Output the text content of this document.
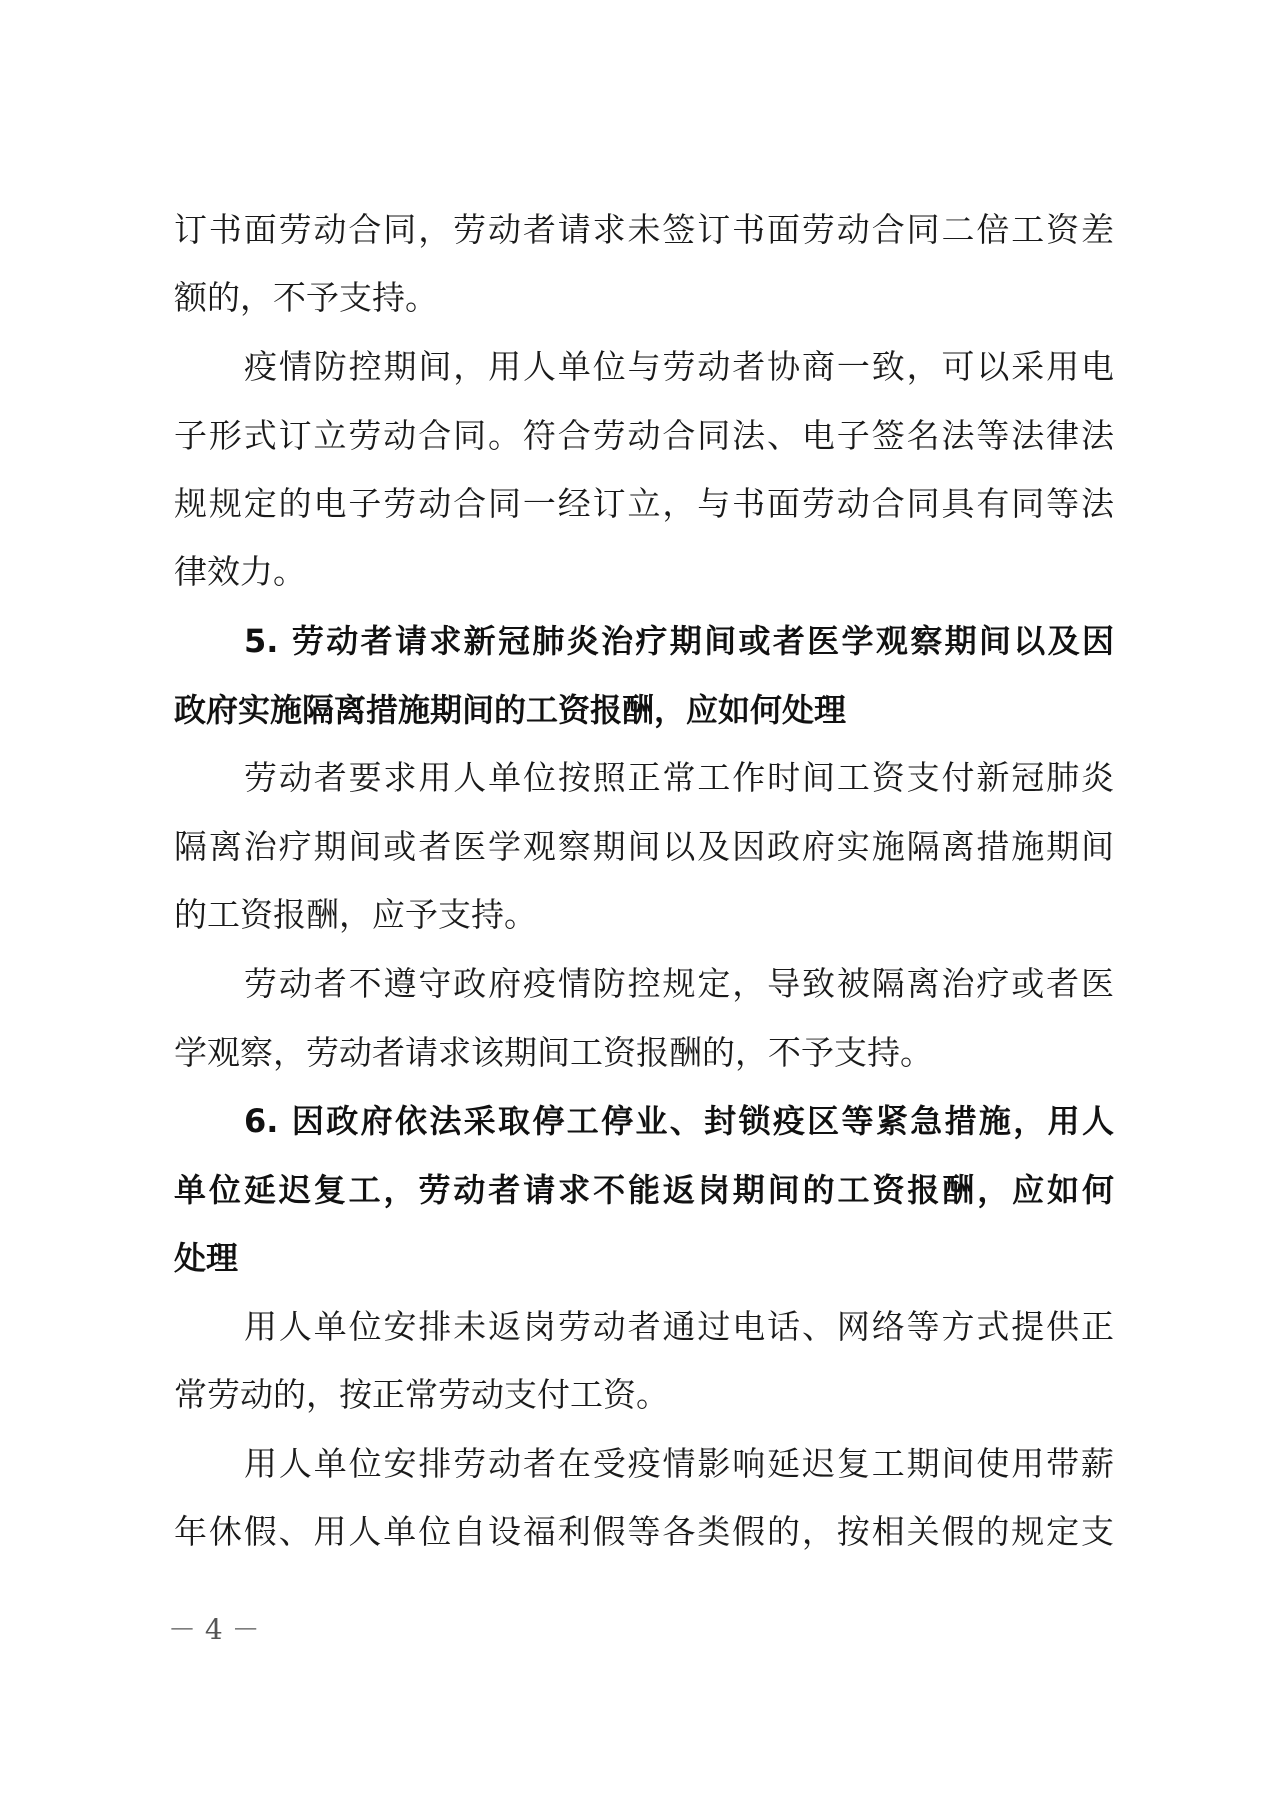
订书面劳动合同，劳动者请求未签订书面劳动合同二倍工资差
额的，不予支持。
疫情防控期间，用人单位与劳动者协商一致，可以采用电
子形式订立劳动合同。符合劳动合同法、电子签名法等法律法
规规定的电子劳动合同一经订立，与书面劳动合同具有同等法
律效力。
5. 劳动者请求新冠肺炎治疗期间或者医学观察期间以及因
政府实施隔离措施期间的工资报酬，应如何处理
劳动者要求用人单位按照正常工作时间工资支付新冠肺炎
隔离治疗期间或者医学观察期间以及因政府实施隔离措施期间
的工资报酬，应予支持。
劳动者不遵守政府疫情防控规定，导致被隔离治疗或者医
学观察，劳动者请求该期间工资报酬的，不予支持。
6. 因政府依法采取停工停业、封锁疫区等紧急措施，用人
单位延迟复工，劳动者请求不能返岗期间的工资报酬，应如何
处理
用人单位安排未返岗劳动者通过电话、网络等方式提供正
常劳动的，按正常劳动支付工资。
用人单位安排劳动者在受疫情影响延迟复工期间使用带薪
年休假、用人单位自设福利假等各类假的，按相关假的规定支
－ 4 －
